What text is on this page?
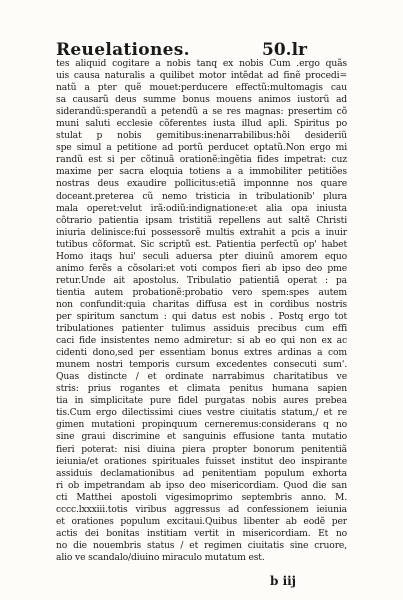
Reuelationes.	50.lr
tes aliquid cogitare a nobis tanq ex nobis Cum .ergo quãs
uis causa naturalis a quilibet motor intẽdat ad finẽ procedi=
natũ a pter quẽ mouet:perducere effectũ:multomagis cau
sa causarũ deus summe bonus mouens animos iustorũ ad
siderandũ:sperandũ a petendũ a se res magnas: presertim cõ
muni saluti ecclesie cõferentes iusta illud apli. Spiritus po
stulat p nobis gemitibus:inenarrabilibus:hõi desideriũ
spe simul a petitione ad portũ perducet optatũ.Non ergo mi
randũ est si per cõtinuã orationẽ:ingẽtia fides impetrat: cuz
maxime per sacra eloquia totiens a a immobiliter petitiões
nostras deus exaudire pollicitus:etiã imponnne nos quare
doceant.preterea cũ nemo tristicia in tribulationib' plura
mala operet:velut irã:odiũ:indignatione:et alia opa iniusta
cõtrario patientia ipsam tristitiã repellens aut saltẽ Christi
iniuria delinisce:fui possessorẽ multis extrahit a pcis a inuir
tutibus cõformat. Sic scriptũ est. Patientia perfectũ op' habet
Homo itaqs hui' seculi aduersa pter diuinũ amorem equo
animo ferẽs a cõsolari:et voti compos fieri ab ipso deo pme
retur.Unde ait apostolus. Tribulatio patientiã operat : pa
tientia autem probationẽ:probatio vero spem:spes autem
non confundit:quia charitas diffusa est in cordibus nostris
per spiritum sanctum : qui datus est nobis . Postq ergo tot
tribulationes patienter tulimus assiduis precibus cum effi
caci fide insistentes nemo admiretur: si ab eo qui non ex ac
cidenti dono,sed per essentiam bonus extres ardinas a com
munem nostri temporis cursum excedentes consecuti sum'.
Quas distincte / et ordinate narrabimus charitatibus ve
stris: prius rogantes et climata penitus humana sapien
tia in simplicitate pure fidel purgatas nobis aures prebea
tis.Cum ergo dilectissimi ciues vestre ciuitatis statum,/ et re
gimen mutationi propinquum cerneremus:considerans q no
sine graui discrimine et sanguinis effusione tanta mutatio
fieri poterat: nisi diuina piera propter bonorum penitentiã
ieiunia/et orationes spirituales fuisset institut deo inspirante
assiduis declamationibus ad penitentiam populum exhorta
ri ob impetrandam ab ipso deo misericordiam. Quod die san
cti Matthei apostoli vigesimoprimo septembris anno. M.
cccc.lxxxiii.totis viribus aggressus ad confessionem ieiunia
et orationes populum excitaui.Quibus libenter ab eodẽ per
actis dei bonitas institiam vertit in misericordiam. Et no
no die nouembris status / et regimen ciuitatis sine cruore,
alio ve scandalo/diuino miraculo mutatum est.
b iij
